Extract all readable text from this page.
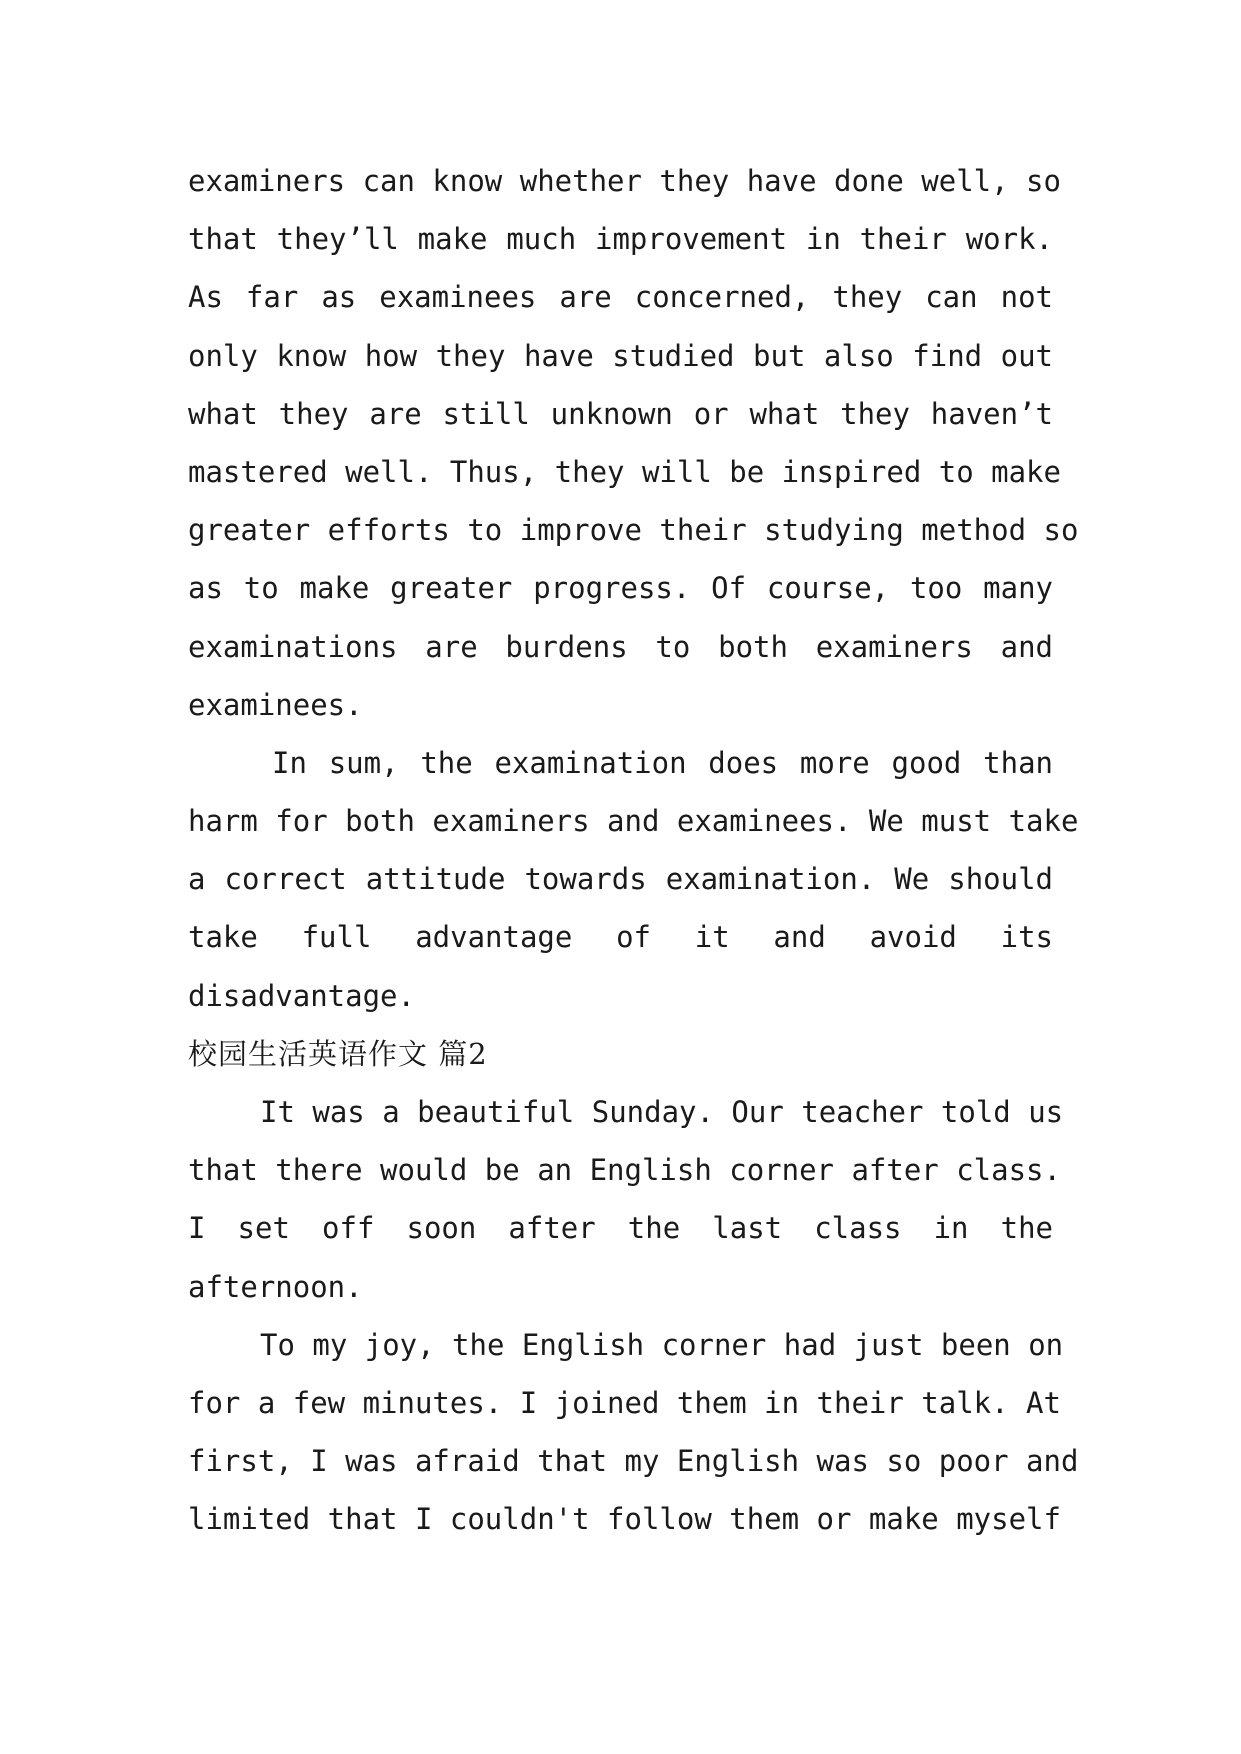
examiners can know whether they have done well, so
that they’ll make much improvement in their work.
As far as examinees are concerned, they can not
only know how they have studied but also find out
what they are still unknown or what they haven’t
mastered well. Thus, they will be inspired to make
greater efforts to improve their studying method so
as to make greater progress. Of course, too many
examinations are burdens to both examiners and
examinees.
In sum, the examination does more good than
harm for both examiners and examinees. We must take
a correct attitude towards examination. We should
take full advantage of it and avoid its
disadvantage.
校园生活英语作文 篇2
It was a beautiful Sunday. Our teacher told us
that there would be an English corner after class.
I set off soon after the last class in the
afternoon.
To my joy, the English corner had just been on
for a few minutes. I joined them in their talk. At
first, I was afraid that my English was so poor and
limited that I couldn't follow them or make myself
